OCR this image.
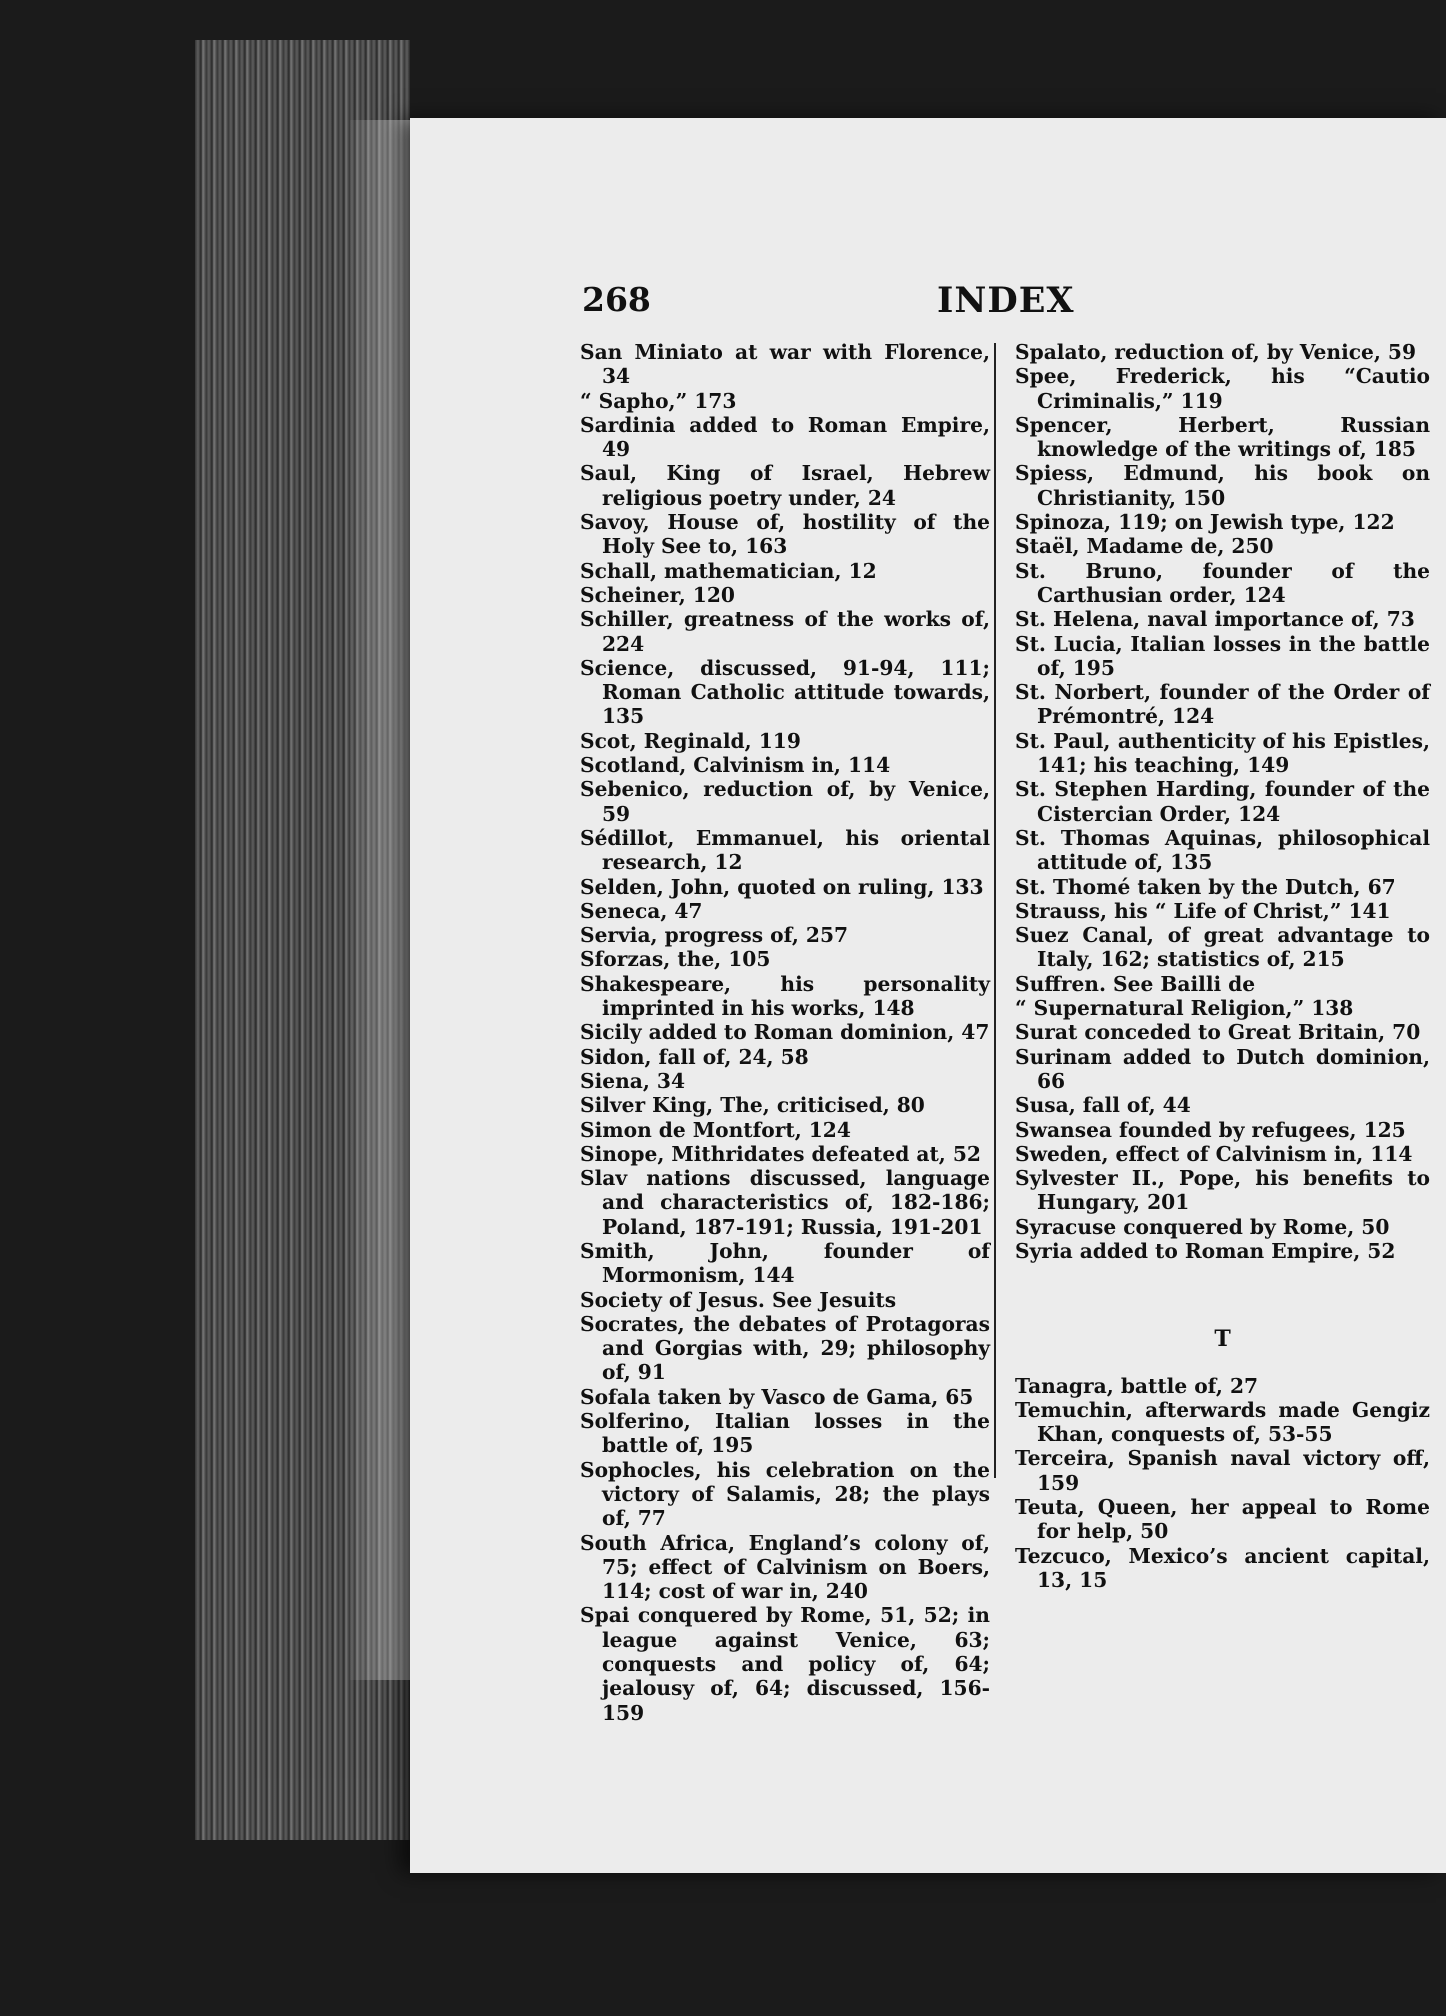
268	INDEX

San Miniato at war with Florence, 34

“ Sapho,” 173

Sardinia added to Roman Empire, 49

Saul, King of Israel, Hebrew religious poetry under, 24

Savoy, House of, hostility of the Holy See to, 163

Schall, mathematician, 12

Scheiner, 120

Schiller, greatness of the works of, 224

Science, discussed, 91-94, 111; Roman Catholic attitude towards, 135

Scot, Reginald, 119

Scotland, Calvinism in, 114

Sebenico, reduction of, by Venice, 59

Sédillot, Emmanuel, his oriental research, 12

Selden, John, quoted on ruling, 133

Seneca, 47

Servia, progress of, 257

Sforzas, the, 105

Shakespeare, his personality imprinted in his works, 148

Sicily added to Roman dominion, 47

Sidon, fall of, 24, 58

Siena, 34

Silver King, The, criticised, 80

Simon de Montfort, 124

Sinope, Mithridates defeated at, 52

Slav nations discussed, language and characteristics of, 182-186; Poland, 187-191; Russia, 191-201

Smith, John, founder of Mormonism, 144

Society of Jesus. See Jesuits

Socrates, the debates of Protagoras and Gorgias with, 29; philosophy of, 91

Sofala taken by Vasco de Gama, 65

Solferino, Italian losses in the battle of, 195

Sophocles, his celebration on the victory of Salamis, 28; the plays of, 77

South Africa, England’s colony of, 75; effect of Calvinism on Boers, 114; cost of war in, 240

Spai conquered by Rome, 51, 52; in league against Venice, 63; conquests and policy of, 64; jealousy of, 64; discussed, 156-159

Spalato, reduction of, by Venice, 59

Spee, Frederick, his “Cautio Criminalis,” 119

Spencer, Herbert, Russian knowledge of the writings of, 185

Spiess, Edmund, his book on Christianity, 150

Spinoza, 119; on Jewish type, 122

Staël, Madame de, 250

St. Bruno, founder of the Carthusian order, 124

St. Helena, naval importance of, 73

St. Lucia, Italian losses in the battle of, 195

St. Norbert, founder of the Order of Prémontré, 124

St. Paul, authenticity of his Epistles, 141; his teaching, 149

St. Stephen Harding, founder of the Cistercian Order, 124

St. Thomas Aquinas, philosophical attitude of, 135

St. Thomé taken by the Dutch, 67

Strauss, his “ Life of Christ,” 141

Suez Canal, of great advantage to Italy, 162; statistics of, 215

Suffren. See Bailli de

“ Supernatural Religion,” 138

Surat conceded to Great Britain, 70

Surinam added to Dutch dominion, 66

Susa, fall of, 44

Swansea founded by refugees, 125

Sweden, effect of Calvinism in, 114

Sylvester II., Pope, his benefits to Hungary, 201

Syracuse conquered by Rome, 50

Syria added to Roman Empire, 52

T

Tanagra, battle of, 27

Temuchin, afterwards made Gengiz Khan, conquests of, 53-55

Terceira, Spanish naval victory off, 159

Teuta, Queen, her appeal to Rome for help, 50

Tezcuco, Mexico’s ancient capital, 13, 15
